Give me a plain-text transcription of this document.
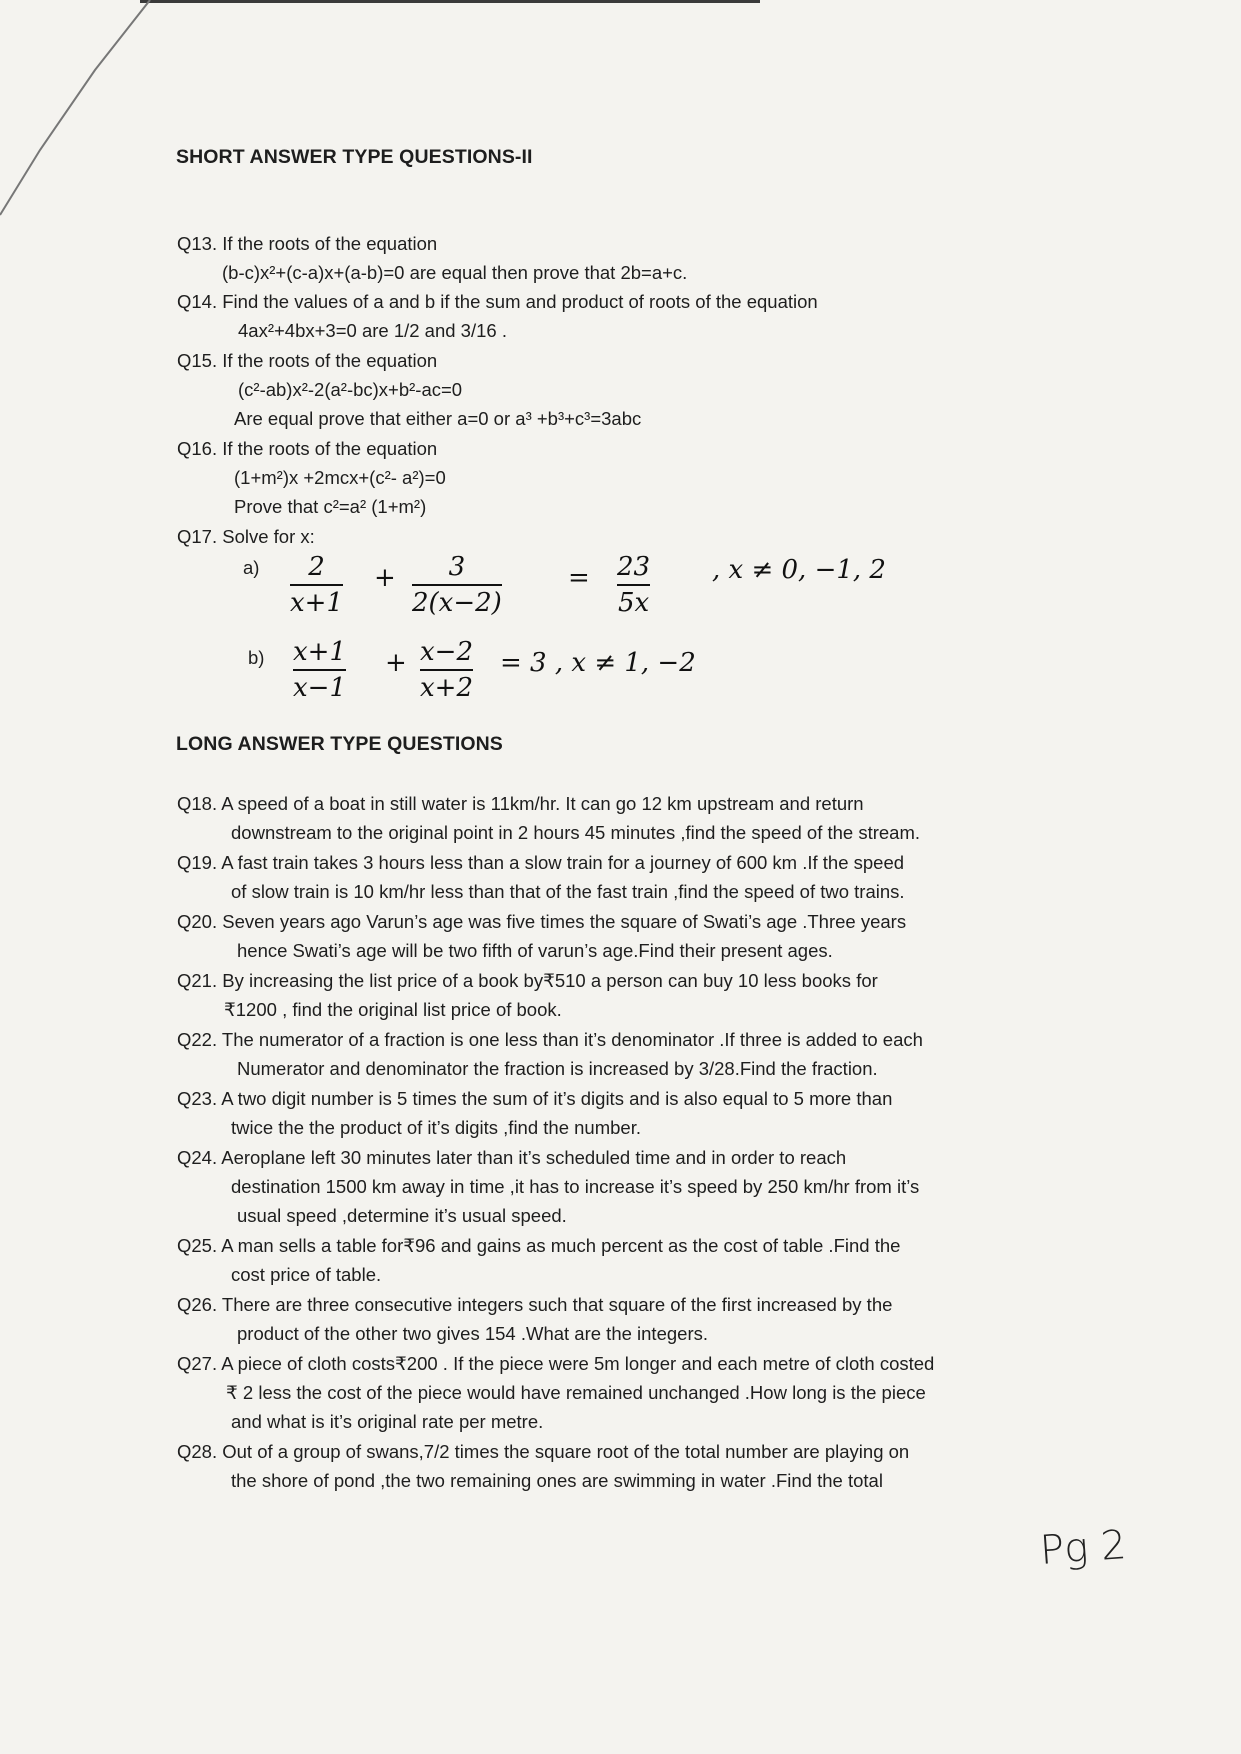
SHORT ANSWER TYPE QUESTIONS-II
Q13. If the roots of the equation
(b-c)x²+(c-a)x+(a-b)=0 are equal then prove that 2b=a+c.
Q14. Find the values of a and b if the sum and product of roots of the equation
4ax²+4bx+3=0 are 1/2 and 3/16 .
Q15. If the roots of the equation
(c²-ab)x²-2(a²-bc)x+b²-ac=0
Are equal prove that either a=0 or a³ +b³+c³=3abc
Q16. If the roots of the equation
(1+m²)x +2mcx+(c²- a²)=0
Prove that c²=a² (1+m²)
Q17. Solve for x:
a) 2
x+1
+ 3
2(x−2)
= 23
5x
, x ≠ 0, −1, 2
b) x+1
x−1
+ x−2
x+2
= 3 , x ≠ 1, −2
LONG ANSWER TYPE QUESTIONS
Q18. A speed of a boat in still water is 11km/hr. It can go 12 km upstream and return
downstream to the original point in 2 hours 45 minutes ,find the speed of the stream.
Q19. A fast train takes 3 hours less than a slow train for a journey of 600 km .If the speed
of slow train is 10 km/hr less than that of the fast train ,find the speed of two trains.
Q20. Seven years ago Varun’s age was five times the square of Swati’s age .Three years
hence Swati’s age will be two fifth of varun’s age.Find their present ages.
Q21. By increasing the list price of a book by₹510 a person can buy 10 less books for
₹1200 , find the original list price of book.
Q22. The numerator of a fraction is one less than it’s denominator .If three is added to each
Numerator and denominator the fraction is increased by 3/28.Find the fraction.
Q23. A two digit number is 5 times the sum of it’s digits and is also equal to 5 more than
twice the the product of it’s digits ,find the number.
Q24. Aeroplane left 30 minutes later than it’s scheduled time and in order to reach
destination 1500 km away in time ,it has to increase it’s speed by 250 km/hr from it’s
usual speed ,determine it’s usual speed.
Q25. A man sells a table for₹96 and gains as much percent as the cost of table .Find the
cost price of table.
Q26. There are three consecutive integers such that square of the first increased by the
product of the other two gives 154 .What are the integers.
Q27. A piece of cloth costs₹200 . If the piece were 5m longer and each metre of cloth costed
₹ 2 less the cost of the piece would have remained unchanged .How long is the piece
and what is it’s original rate per metre.
Q28. Out of a group of swans,7/2 times the square root of the total number are playing on
the shore of pond ,the two remaining ones are swimming in water .Find the total
Pg 2
